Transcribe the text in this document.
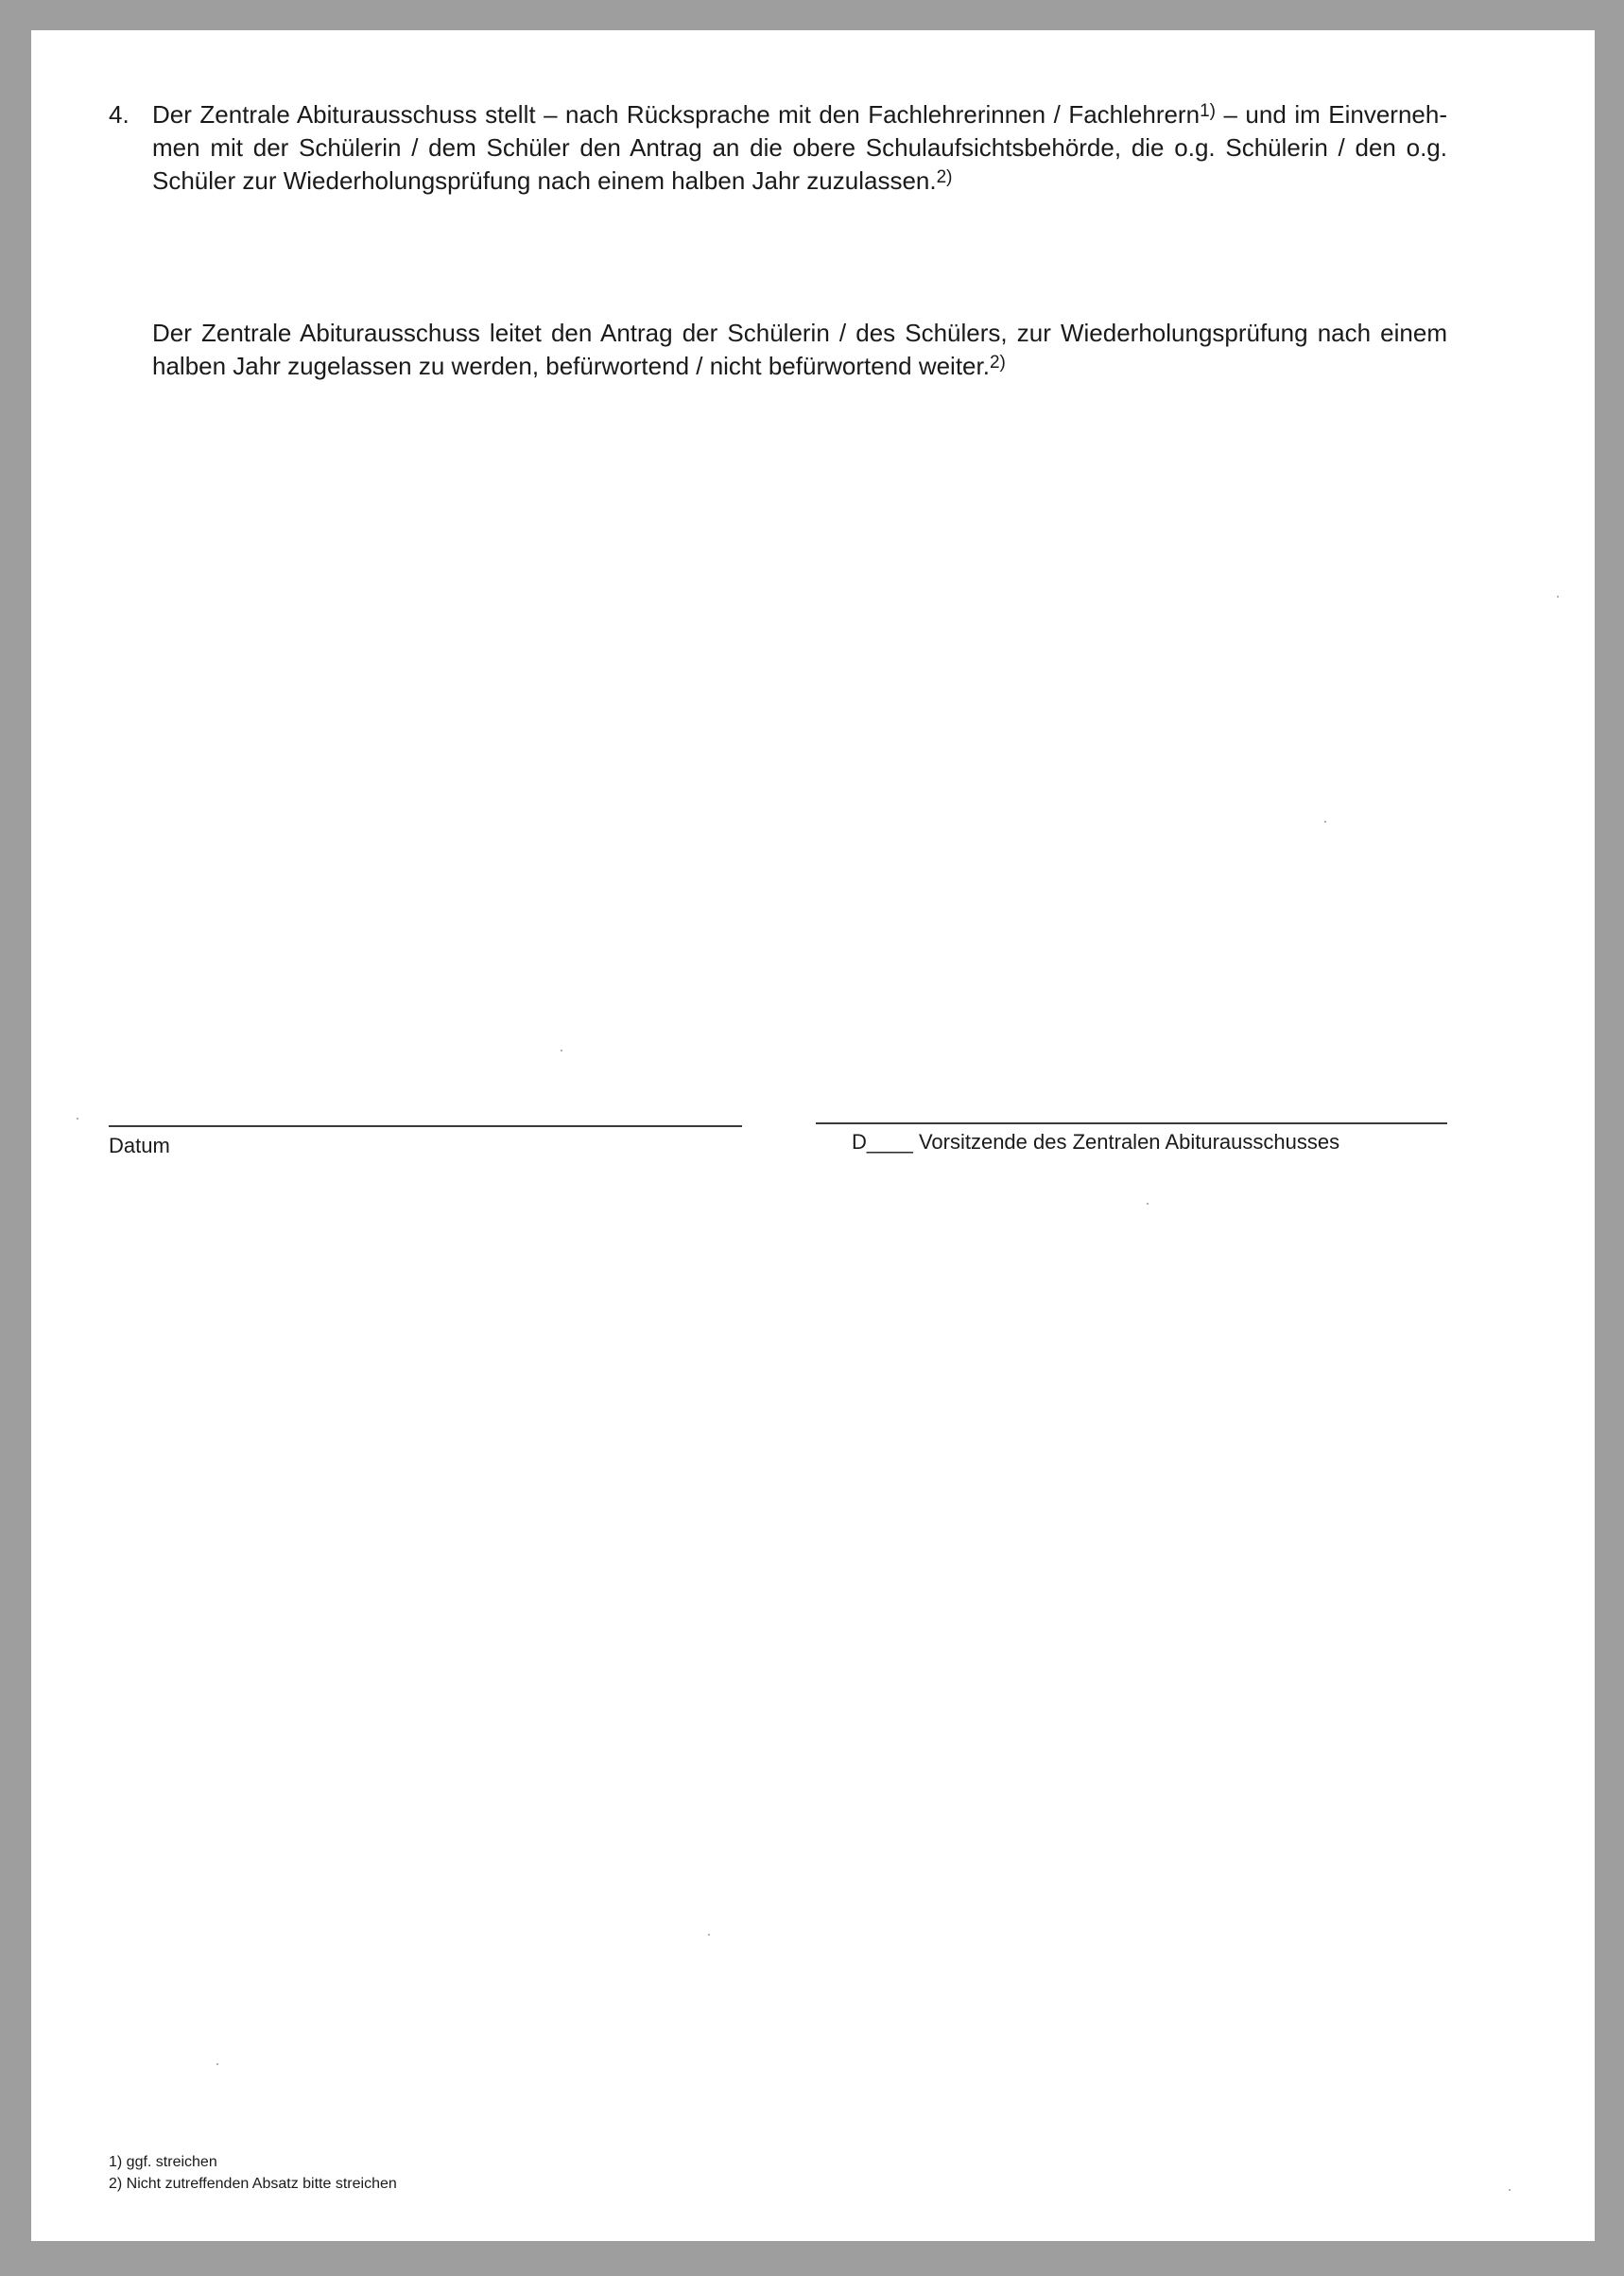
4. Der Zentrale Abiturausschuss stellt – nach Rücksprache mit den Fachlehrerinnen / Fachlehrern$^{1)}$ – und im Einvernehmen mit der Schülerin / dem Schüler den Antrag an die obere Schulaufsichtsbehörde, die o.g. Schülerin / den o.g. Schüler zur Wiederholungsprüfung nach einem halben Jahr zuzulassen.$^{2)}$
Der Zentrale Abiturausschuss leitet den Antrag der Schülerin / des Schülers, zur Wiederholungsprüfung nach einem halben Jahr zugelassen zu werden, befürwortend / nicht befürwortend weiter.$^{2)}$
Datum	D____ Vorsitzende des Zentralen Abiturausschusses
1) ggf. streichen
2) Nicht zutreffenden Absatz bitte streichen
